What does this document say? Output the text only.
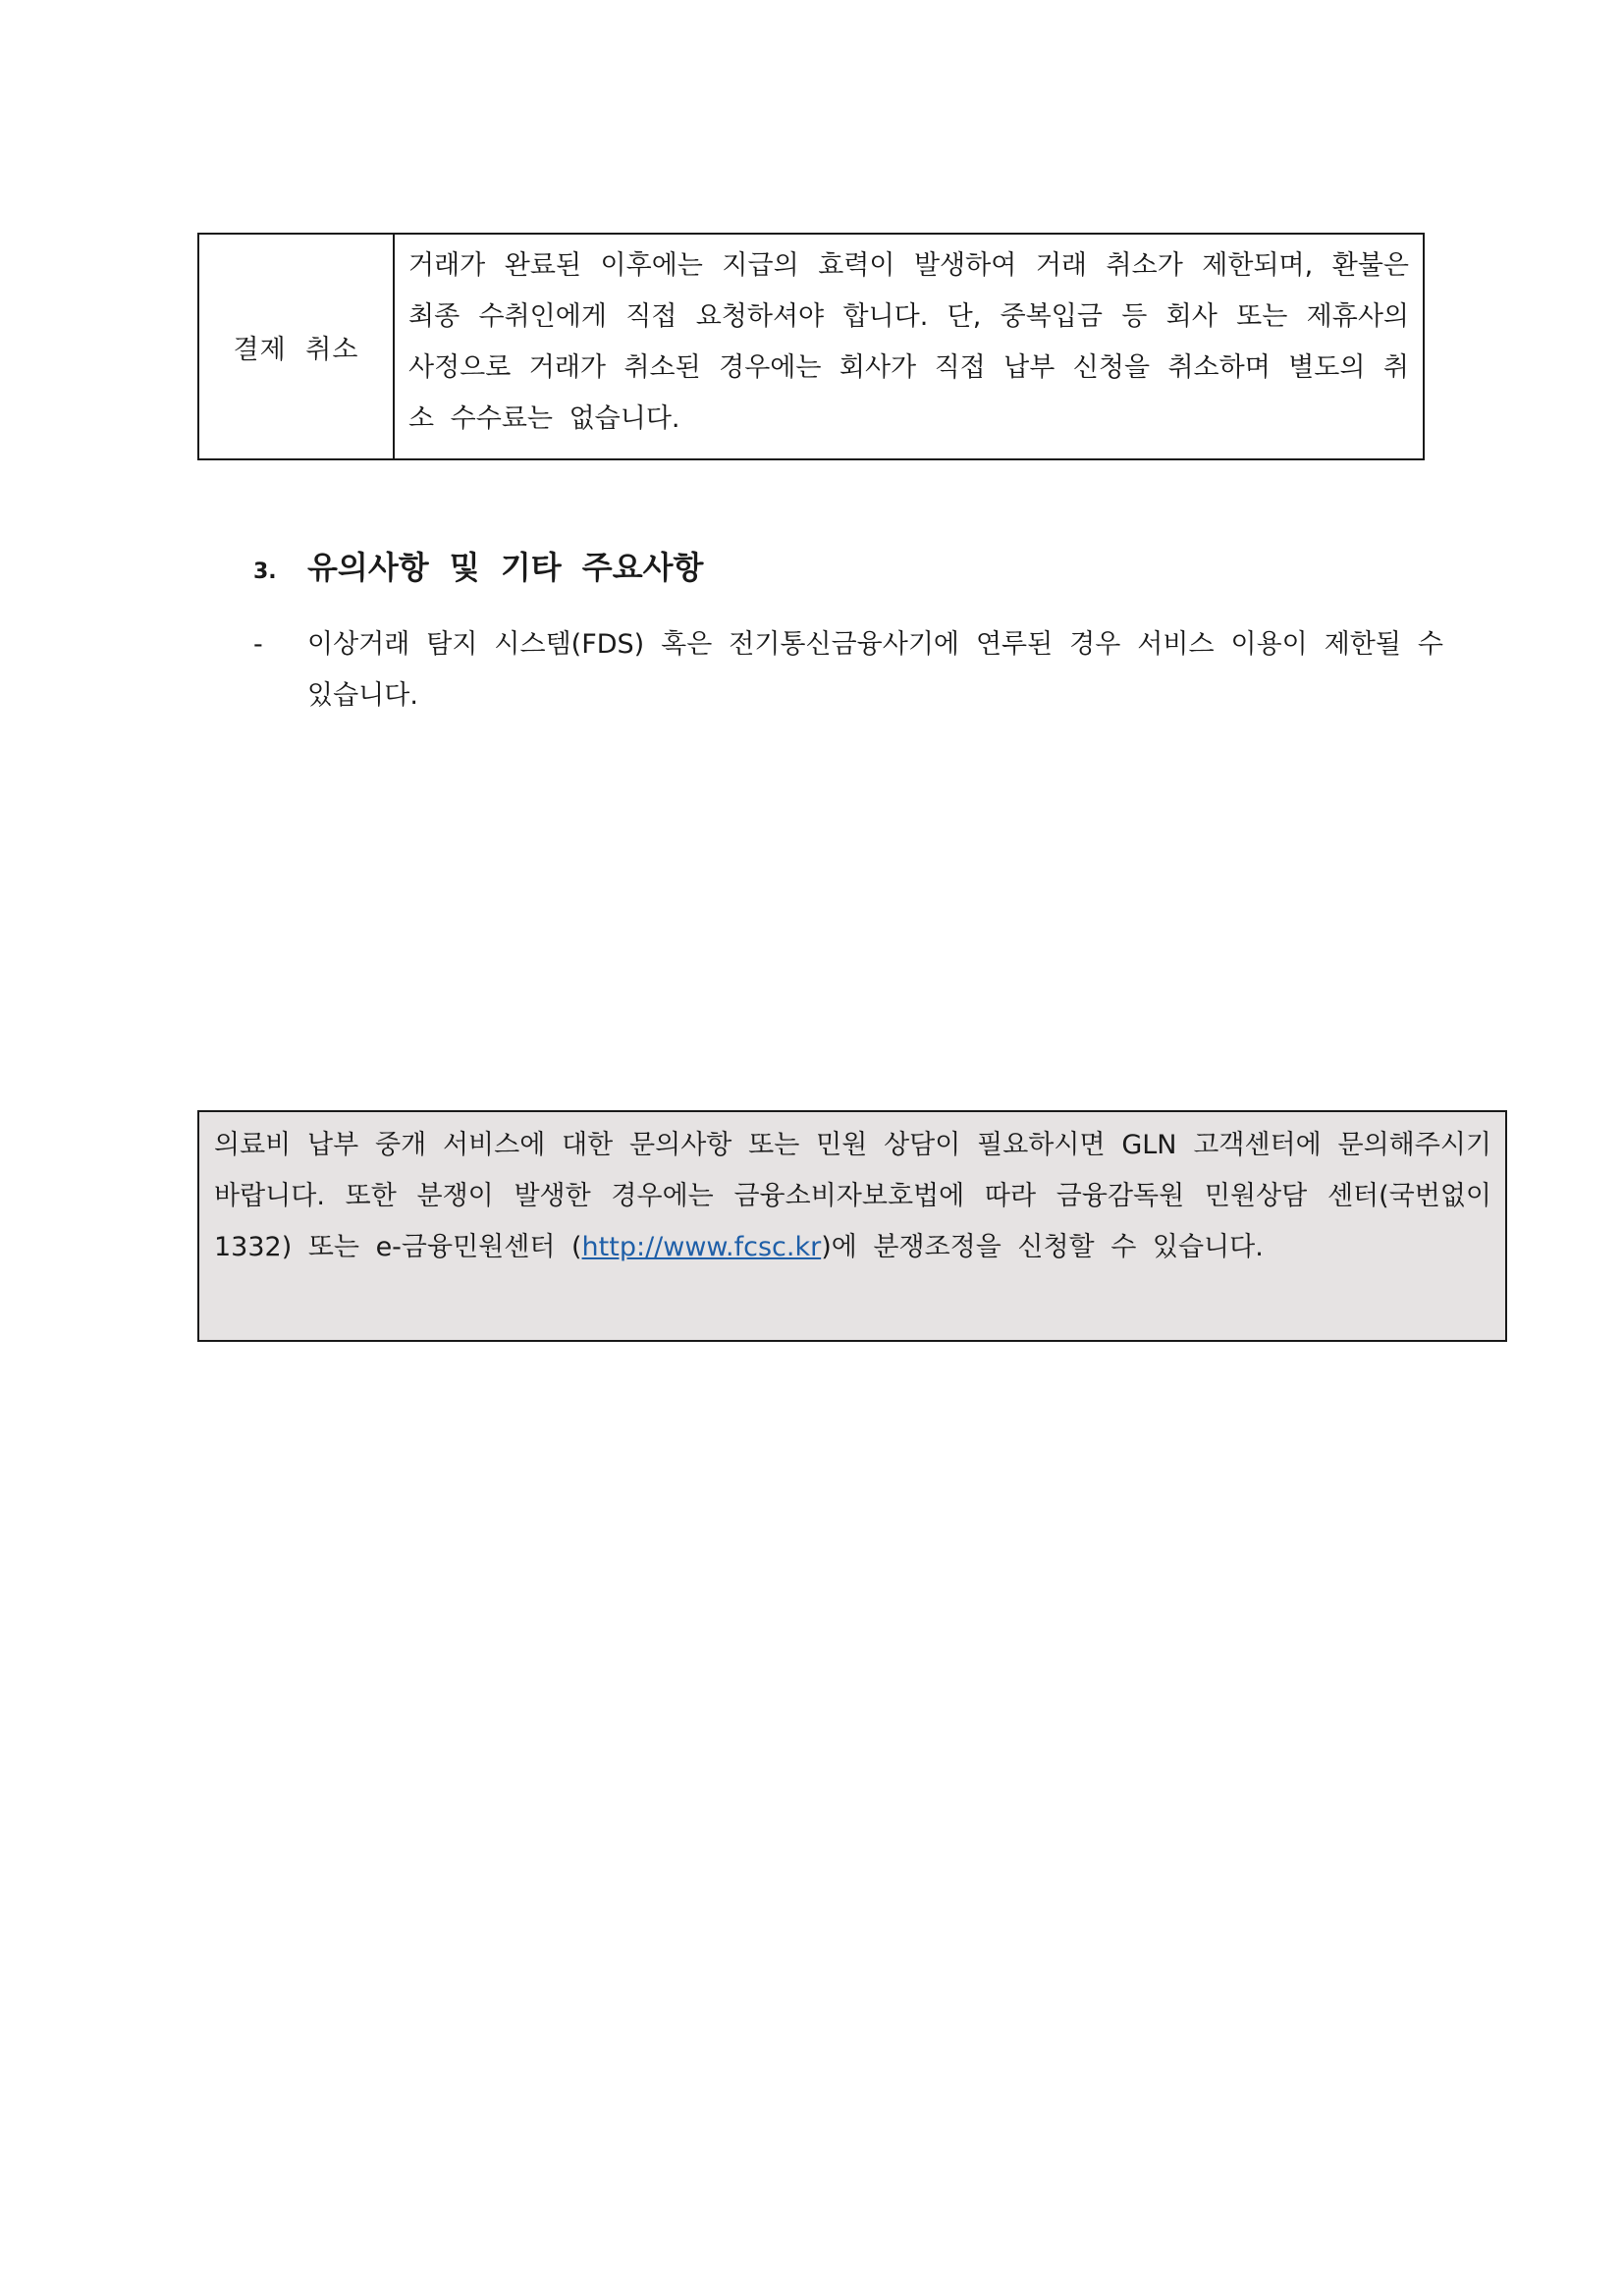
결제 취소
거래가 완료된 이후에는 지급의 효력이 발생하여 거래 취소가 제한되며, 환불은 최종 수취인에게 직접 요청하셔야 합니다. 단, 중복입금 등 회사 또는 제휴사의 사정으로 거래가 취소된 경우에는 회사가 직접 납부 신청을 취소하며 별도의 취소 수수료는 없습니다.
3. 유의사항 및 기타 주요사항
-	이상거래 탐지 시스템(FDS) 혹은 전기통신금융사기에 연루된 경우 서비스 이용이 제한될 수 있습니다.
의료비 납부 중개 서비스에 대한 문의사항 또는 민원 상담이 필요하시면 GLN 고객센터에 문의해주시기 바랍니다. 또한 분쟁이 발생한 경우에는 금융소비자보호법에 따라 금융감독원 민원상담 센터(국번없이 1332) 또는 e-금융민원센터 (http://www.fcsc.kr)에 분쟁조정을 신청할 수 있습니다.
